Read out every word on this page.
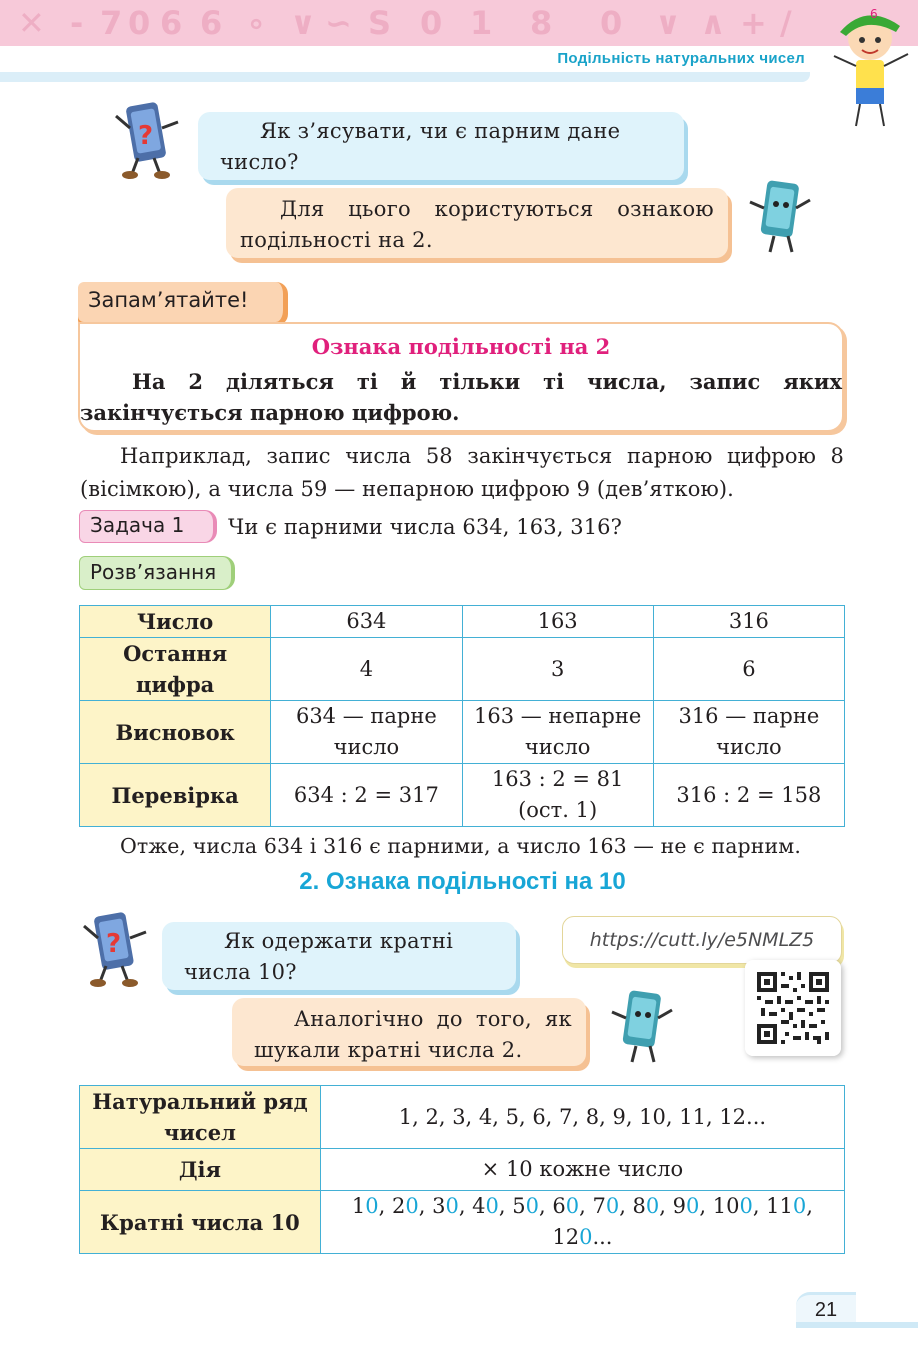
✕ - 7 0 6 6 ∘ ∨ ∽ S 0 1 8 0 ∨ ∧ + /
Подільність натуральних чисел
6
?	Як з’ясувати, чи є парним дане число?
Для цього користуються ознакою подільності на 2.
Запам’ятайте!
Ознака подільності на 2
На 2 діляться ті й тільки ті числа, запис яких закінчується парною цифрою.
Наприклад, запис числа 58 закінчується парною цифрою 8 (вісімкою), а числа 59 — непарною цифрою 9 (дев’яткою).
Задача 1	Чи є парними числа 634, 163, 316?
Розв’язання
Число	634	163	316
Остання цифра	4	3	6
Висновок	634 — парне число	163 — непарне число	316 — парне число
Перевірка	634 : 2 = 317	163 : 2 = 81 (ост. 1)	316 : 2 = 158
Отже, числа 634 і 316 є парними, а число 163 — не є парним.
2. Ознака подільності на 10
?	Як одержати кратні числа 10?
https://cutt.ly/e5NMLZ5
Аналогічно до того, як шукали кратні числа 2.
Натуральний ряд чисел	1, 2, 3, 4, 5, 6, 7, 8, 9, 10, 11, 12...
Дія	× 10 кожне число
Кратні числа 10	10, 20, 30, 40, 50, 60, 70, 80, 90, 100, 110, 120...
21
